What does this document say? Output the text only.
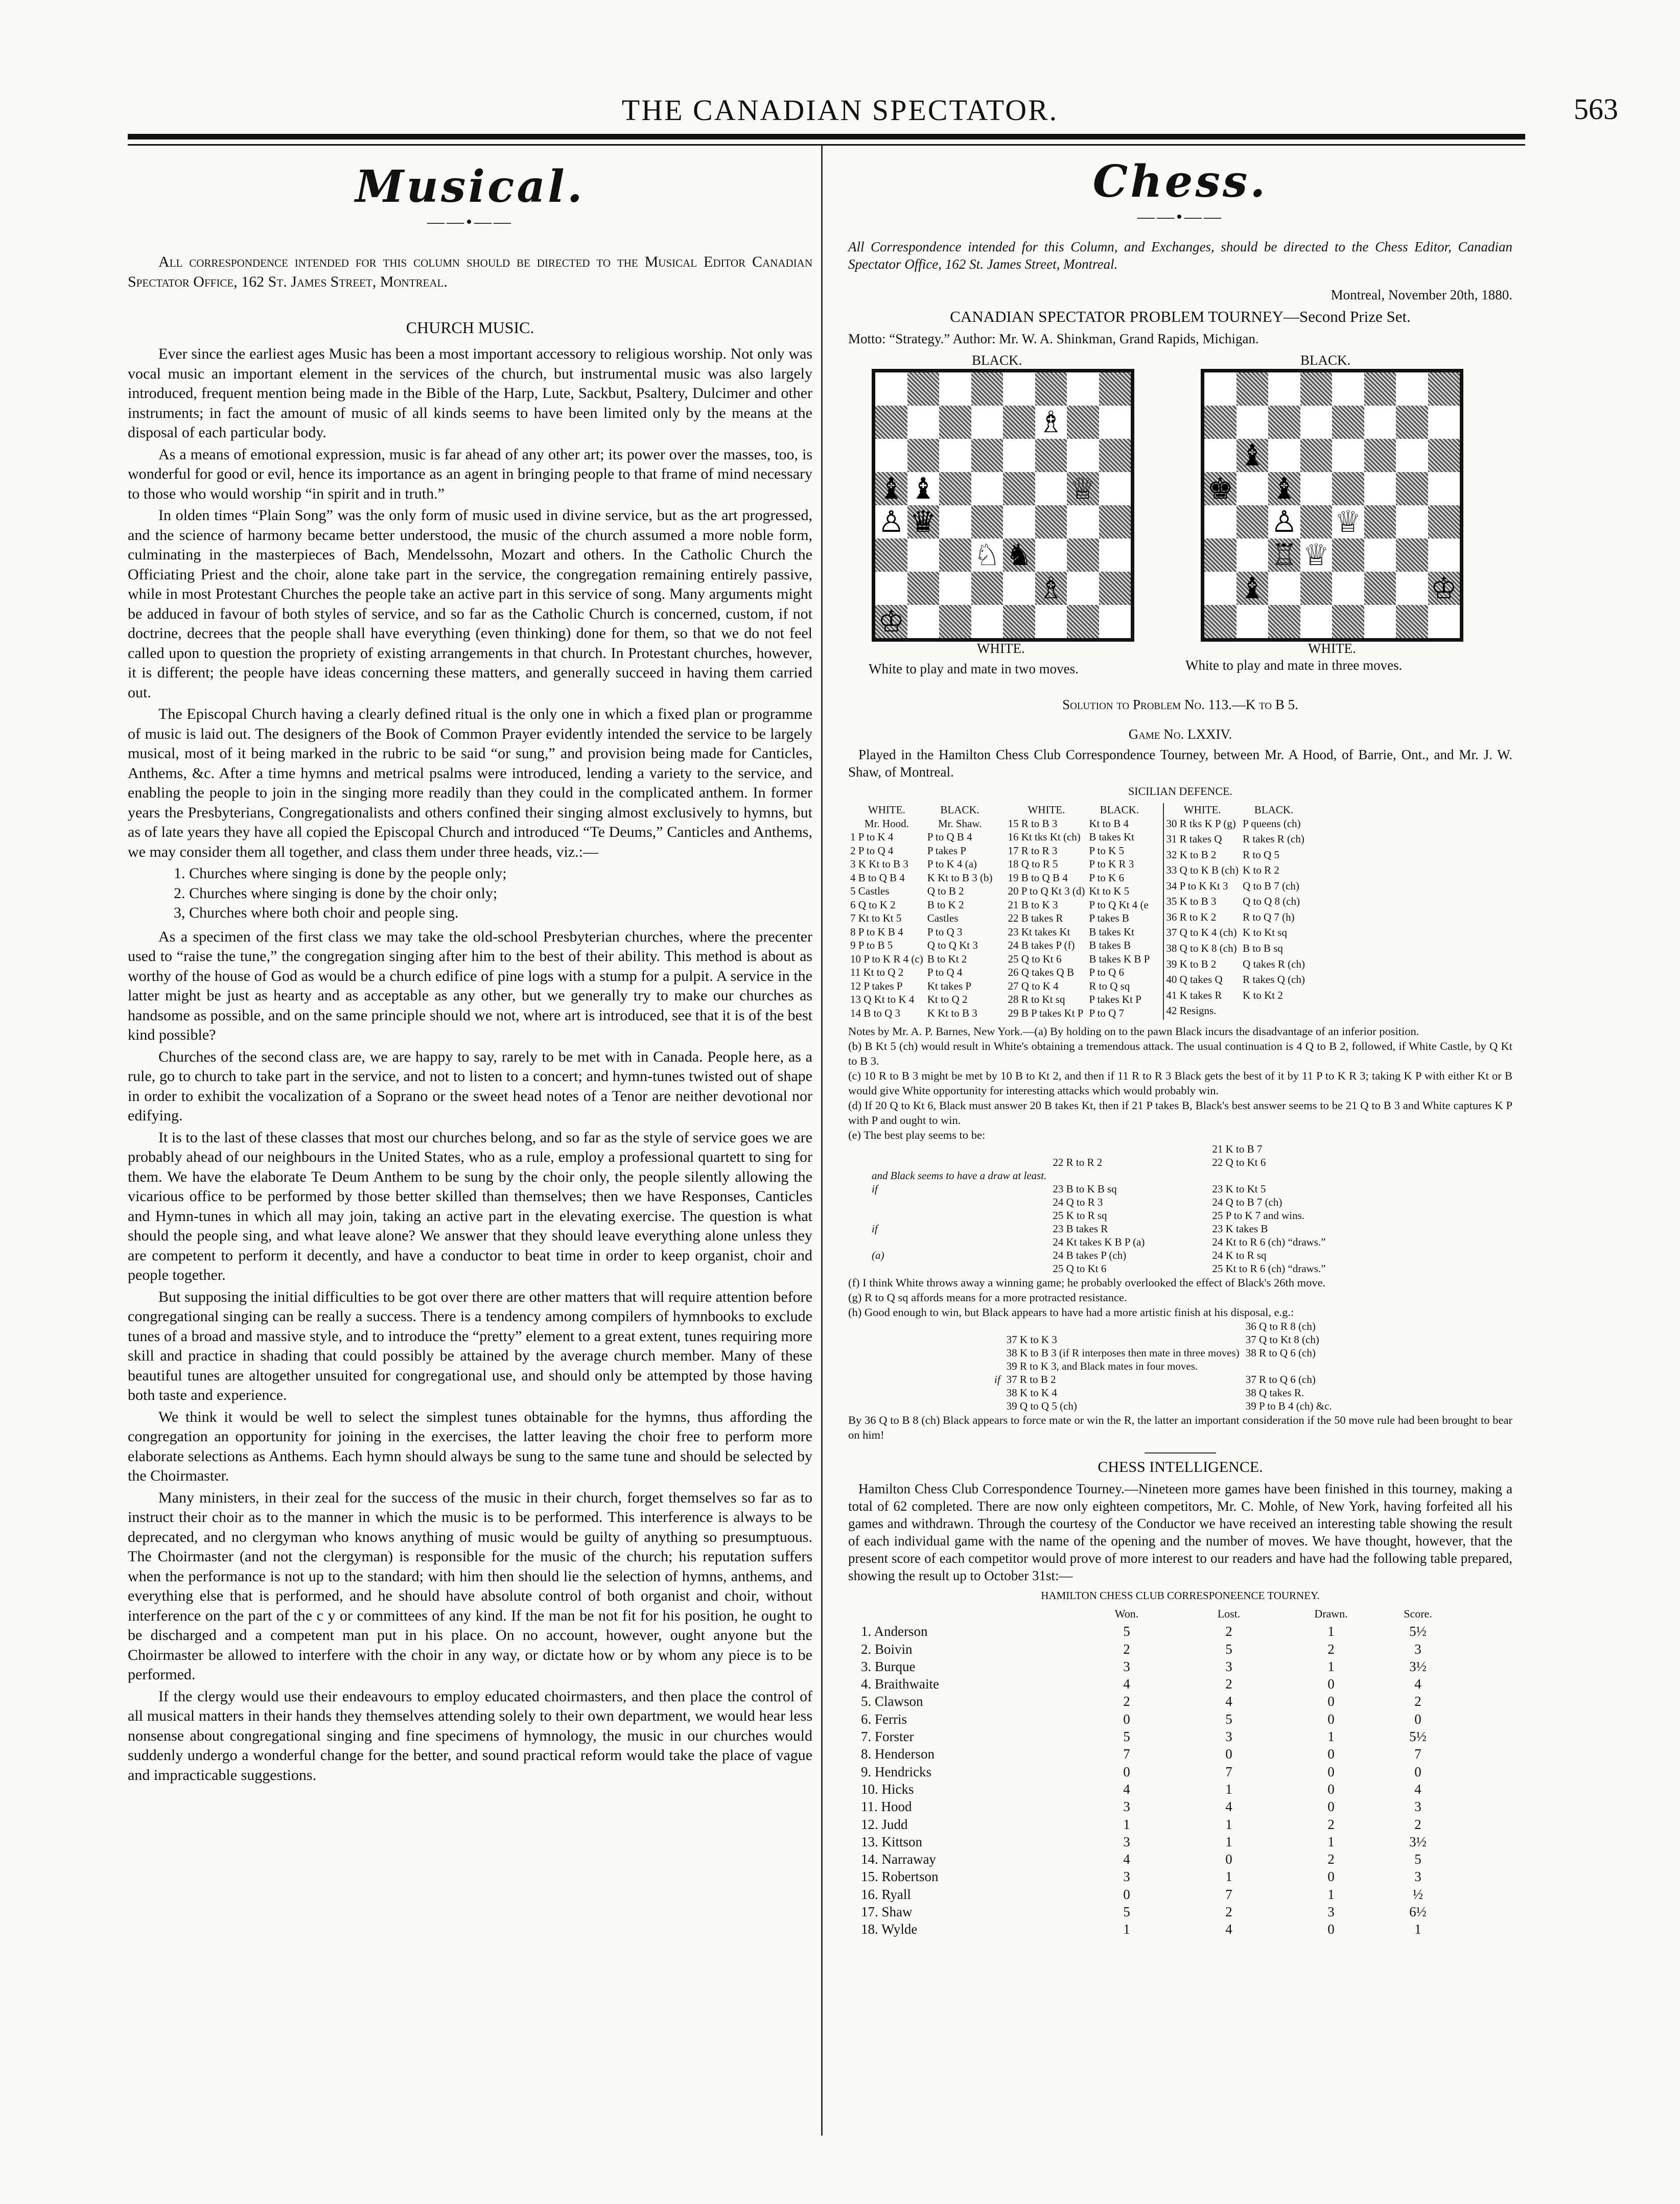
THE CANADIAN SPECTATOR.	563
Musical.
——•——

All correspondence intended for this column should be directed to the Musical Editor Canadian Spectator Office, 162 St. James Street, Montreal.

CHURCH MUSIC.

Ever since the earliest ages Music has been a most important accessory to religious worship. Not only was vocal music an important element in the services of the church, but instrumental music was also largely introduced, frequent mention being made in the Bible of the Harp, Lute, Sackbut, Psaltery, Dulcimer and other instruments; in fact the amount of music of all kinds seems to have been limited only by the means at the disposal of each particular body.

As a means of emotional expression, music is far ahead of any other art; its power over the masses, too, is wonderful for good or evil, hence its importance as an agent in bringing people to that frame of mind necessary to those who would worship “in spirit and in truth.”

In olden times “Plain Song” was the only form of music used in divine service, but as the art progressed, and the science of harmony became better understood, the music of the church assumed a more noble form, culminating in the masterpieces of Bach, Mendelssohn, Mozart and others. In the Catholic Church the Officiating Priest and the choir, alone take part in the service, the congregation remaining entirely passive, while in most Protestant Churches the people take an active part in this service of song. Many arguments might be adduced in favour of both styles of service, and so far as the Catholic Church is concerned, custom, if not doctrine, decrees that the people shall have everything (even thinking) done for them, so that we do not feel called upon to question the propriety of existing arrangements in that church. In Protestant churches, however, it is different; the people have ideas concerning these matters, and generally succeed in having them carried out.

The Episcopal Church having a clearly defined ritual is the only one in which a fixed plan or programme of music is laid out. The designers of the Book of Common Prayer evidently intended the service to be largely musical, most of it being marked in the rubric to be said “or sung,” and provision being made for Canticles, Anthems, &c. After a time hymns and metrical psalms were introduced, lending a variety to the service, and enabling the people to join in the singing more readily than they could in the complicated anthem. In former years the Presbyterians, Congregationalists and others confined their singing almost exclusively to hymns, but as of late years they have all copied the Episcopal Church and introduced “Te Deums,” Canticles and Anthems, we may consider them all together, and class them under three heads, viz.:—

1. Churches where singing is done by the people only;
2. Churches where singing is done by the choir only;
3, Churches where both choir and people sing.

As a specimen of the first class we may take the old-school Presbyterian churches, where the precenter used to “raise the tune,” the congregation singing after him to the best of their ability. This method is about as worthy of the house of God as would be a church edifice of pine logs with a stump for a pulpit. A service in the latter might be just as hearty and as acceptable as any other, but we generally try to make our churches as handsome as possible, and on the same principle should we not, where art is introduced, see that it is of the best kind possible?

Churches of the second class are, we are happy to say, rarely to be met with in Canada. People here, as a rule, go to church to take part in the service, and not to listen to a concert; and hymn-tunes twisted out of shape in order to exhibit the vocalization of a Soprano or the sweet head notes of a Tenor are neither devotional nor edifying.

It is to the last of these classes that most our churches belong, and so far as the style of service goes we are probably ahead of our neighbours in the United States, who as a rule, employ a professional quartett to sing for them. We have the elaborate Te Deum Anthem to be sung by the choir only, the people silently allowing the vicarious office to be performed by those better skilled than themselves; then we have Responses, Canticles and Hymn-tunes in which all may join, taking an active part in the elevating exercise. The question is what should the people sing, and what leave alone? We answer that they should leave everything alone unless they are competent to perform it decently, and have a conductor to beat time in order to keep organist, choir and people together.

But supposing the initial difficulties to be got over there are other matters that will require attention before congregational singing can be really a success. There is a tendency among compilers of hymnbooks to exclude tunes of a broad and massive style, and to introduce the “pretty” element to a great extent, tunes requiring more skill and practice in shading that could possibly be attained by the average church member. Many of these beautiful tunes are altogether unsuited for congregational use, and should only be attempted by those having both taste and experience.

We think it would be well to select the simplest tunes obtainable for the hymns, thus affording the congregation an opportunity for joining in the exercises, the latter leaving the choir free to perform more elaborate selections as Anthems. Each hymn should always be sung to the same tune and should be selected by the Choirmaster.

Many ministers, in their zeal for the success of the music in their church, forget themselves so far as to instruct their choir as to the manner in which the music is to be performed. This interference is always to be deprecated, and no clergyman who knows anything of music would be guilty of anything so presumptuous. The Choirmaster (and not the clergyman) is responsible for the music of the church; his reputation suffers when the performance is not up to the standard; with him then should lie the selection of hymns, anthems, and everything else that is performed, and he should have absolute control of both organist and choir, without interference on the part of the c y or committees of any kind. If the man be not fit for his position, he ought to be discharged and a competent man put in his place. On no account, however, ought anyone but the Choirmaster be allowed to interfere with the choir in any way, or dictate how or by whom any piece is to be performed.

If the clergy would use their endeavours to employ educated choirmasters, and then place the control of all musical matters in their hands they themselves attending solely to their own department, we would hear less nonsense about congregational singing and fine specimens of hymnology, the music in our churches would suddenly undergo a wonderful change for the better, and sound practical reform would take the place of vague and impracticable suggestions.

Chess.
——•——
All Correspondence intended for this Column, and Exchanges, should be directed to the Chess Editor, Canadian Spectator Office, 162 St. James Street, Montreal.
Montreal, November 20th, 1880.
CANADIAN SPECTATOR PROBLEM TOURNEY—Second Prize Set.
Motto: “Strategy.” Author: Mr. W. A. Shinkman, Grand Rapids, Michigan.
BLACK.	BLACK.
♗
♝ ♝	♕
♙ ♛
♘ ♞
♗
♔
♝
♚ ♝
♙ ♕
♖ ♕
♝	♔
WHITE.	WHITE.
White to play and mate in two moves.	White to play and mate in three moves.
Solution to Problem No. 113.—K to B 5.
Game No. LXXIV.
Played in the Hamilton Chess Club Correspondence Tourney, between Mr. A Hood, of Barrie, Ont., and Mr. J. W. Shaw, of Montreal.
SICILIAN DEFENCE.
WHITE.	BLACK.
Mr. Hood.	Mr. Shaw.
1 P to K 4	P to Q B 4
2 P to Q 4	P takes P
3 K Kt to B 3	P to K 4 (a)
4 B to Q B 4	K Kt to B 3 (b)
5 Castles	Q to B 2
6 Q to K 2	B to K 2
7 Kt to Kt 5	Castles
8 P to K B 4	P to Q 3
9 P to B 5	Q to Q Kt 3
10 P to K R 4 (c)	B to Kt 2
11 Kt to Q 2	P to Q 4
12 P takes P	Kt takes P
13 Q Kt to K 4	Kt to Q 2
14 B to Q 3	K Kt to B 3
WHITE.	BLACK.
15 R to B 3	Kt to B 4
16 Kt tks Kt (ch)	B takes Kt
17 R to R 3	P to K 5
18 Q to R 5	P to K R 3
19 B to Q B 4	P to K 6
20 P to Q Kt 3 (d)	Kt to K 5
21 B to K 3	P to Q Kt 4 (e
22 B takes R	P takes B
23 Kt takes Kt	B takes Kt
24 B takes P (f)	B takes B
25 Q to Kt 6	B takes K B P
26 Q takes Q B	P to Q 6
27 Q to K 4	R to Q sq
28 R to Kt sq	P takes Kt P
29 B P takes Kt P	P to Q 7
WHITE.	BLACK.
30 R tks K P (g)	P queens (ch)
31 R takes Q	R takes R (ch)
32 K to B 2	R to Q 5
33 Q to K B (ch)	K to R 2
34 P to K Kt 3	Q to B 7 (ch)
35 K to B 3	Q to Q 8 (ch)
36 R to K 2	R to Q 7 (h)
37 Q to K 4 (ch)	K to Kt sq
38 Q to K 8 (ch)	B to B sq
39 K to B 2	Q takes R (ch)
40 Q takes Q	R takes Q (ch)
41 K takes R	K to Kt 2
42 Resigns.	

Notes by Mr. A. P. Barnes, New York.—(a) By holding on to the pawn Black incurs the disadvantage of an inferior position.

(b) B Kt 5 (ch) would result in White's obtaining a tremendous attack. The usual continuation is 4 Q to B 2, followed, if White Castle, by Q Kt to B 3.

(c) 10 R to B 3 might be met by 10 B to Kt 2, and then if 11 R to R 3 Black gets the best of it by 11 P to K R 3; taking K P with either Kt or B would give White opportunity for interesting attacks which would probably win.

(d) If 20 Q to Kt 6, Black must answer 20 B takes Kt, then if 21 P takes B, Black's best answer seems to be 21 Q to B 3 and White captures K P with P and ought to win.

(e) The best play seems to be:

		21 K to B 7
	22 R to R 2	22 Q to Kt 6
and Black seems to have a draw at least.		
if	23 B to K B sq	23 K to Kt 5
	24 Q to R 3	24 Q to B 7 (ch)
	25 K to R sq	25 P to K 7 and wins.
if	23 B takes R	23 K takes B
	24 Kt takes K B P (a)	24 Kt to R 6 (ch) “draws.”
(a)	24 B takes P (ch)	24 K to R sq
	25 Q to Kt 6	25 Kt to R 6 (ch) “draws.”

(f) I think White throws away a winning game; he probably overlooked the effect of Black's 26th move.

(g) R to Q sq affords means for a more protracted resistance.

(h) Good enough to win, but Black appears to have had a more artistic finish at his disposal, e.g.:

		36 Q to R 8 (ch)
	37 K to K 3	37 Q to Kt 8 (ch)
	38 K to B 3 (if R interposes then mate in three moves)	38 R to Q 6 (ch)
	39 R to K 3, and Black mates in four moves.	
if	37 R to B 2	37 R to Q 6 (ch)
	38 K to K 4	38 Q takes R.
	39 Q to Q 5 (ch)	39 P to B 4 (ch) &c.
By 36 Q to B 8 (ch) Black appears to force mate or win the R, the latter an important consideration if the 50 move rule had been brought to bear on him!
CHESS INTELLIGENCE.
Hamilton Chess Club Correspondence Tourney.—Nineteen more games have been finished in this tourney, making a total of 62 completed. There are now only eighteen competitors, Mr. C. Mohle, of New York, having forfeited all his games and withdrawn. Through the courtesy of the Conductor we have received an interesting table showing the result of each individual game with the name of the opening and the number of moves. We have thought, however, that the present score of each competitor would prove of more interest to our readers and have had the following table prepared, showing the result up to October 31st:—
HAMILTON CHESS CLUB CORRESPONEENCE TOURNEY.
	Won.	Lost.	Drawn.	Score.
1. Anderson	5	2	1	5½
2. Boivin	2	5	2	3
3. Burque	3	3	1	3½
4. Braithwaite	4	2	0	4
5. Clawson	2	4	0	2
6. Ferris	0	5	0	0
7. Forster	5	3	1	5½
8. Henderson	7	0	0	7
9. Hendricks	0	7	0	0
10. Hicks	4	1	0	4
11. Hood	3	4	0	3
12. Judd	1	1	2	2
13. Kittson	3	1	1	3½
14. Narraway	4	0	2	5
15. Robertson	3	1	0	3
16. Ryall	0	7	1	½
17. Shaw	5	2	3	6½
18. Wylde	1	4	0	1
